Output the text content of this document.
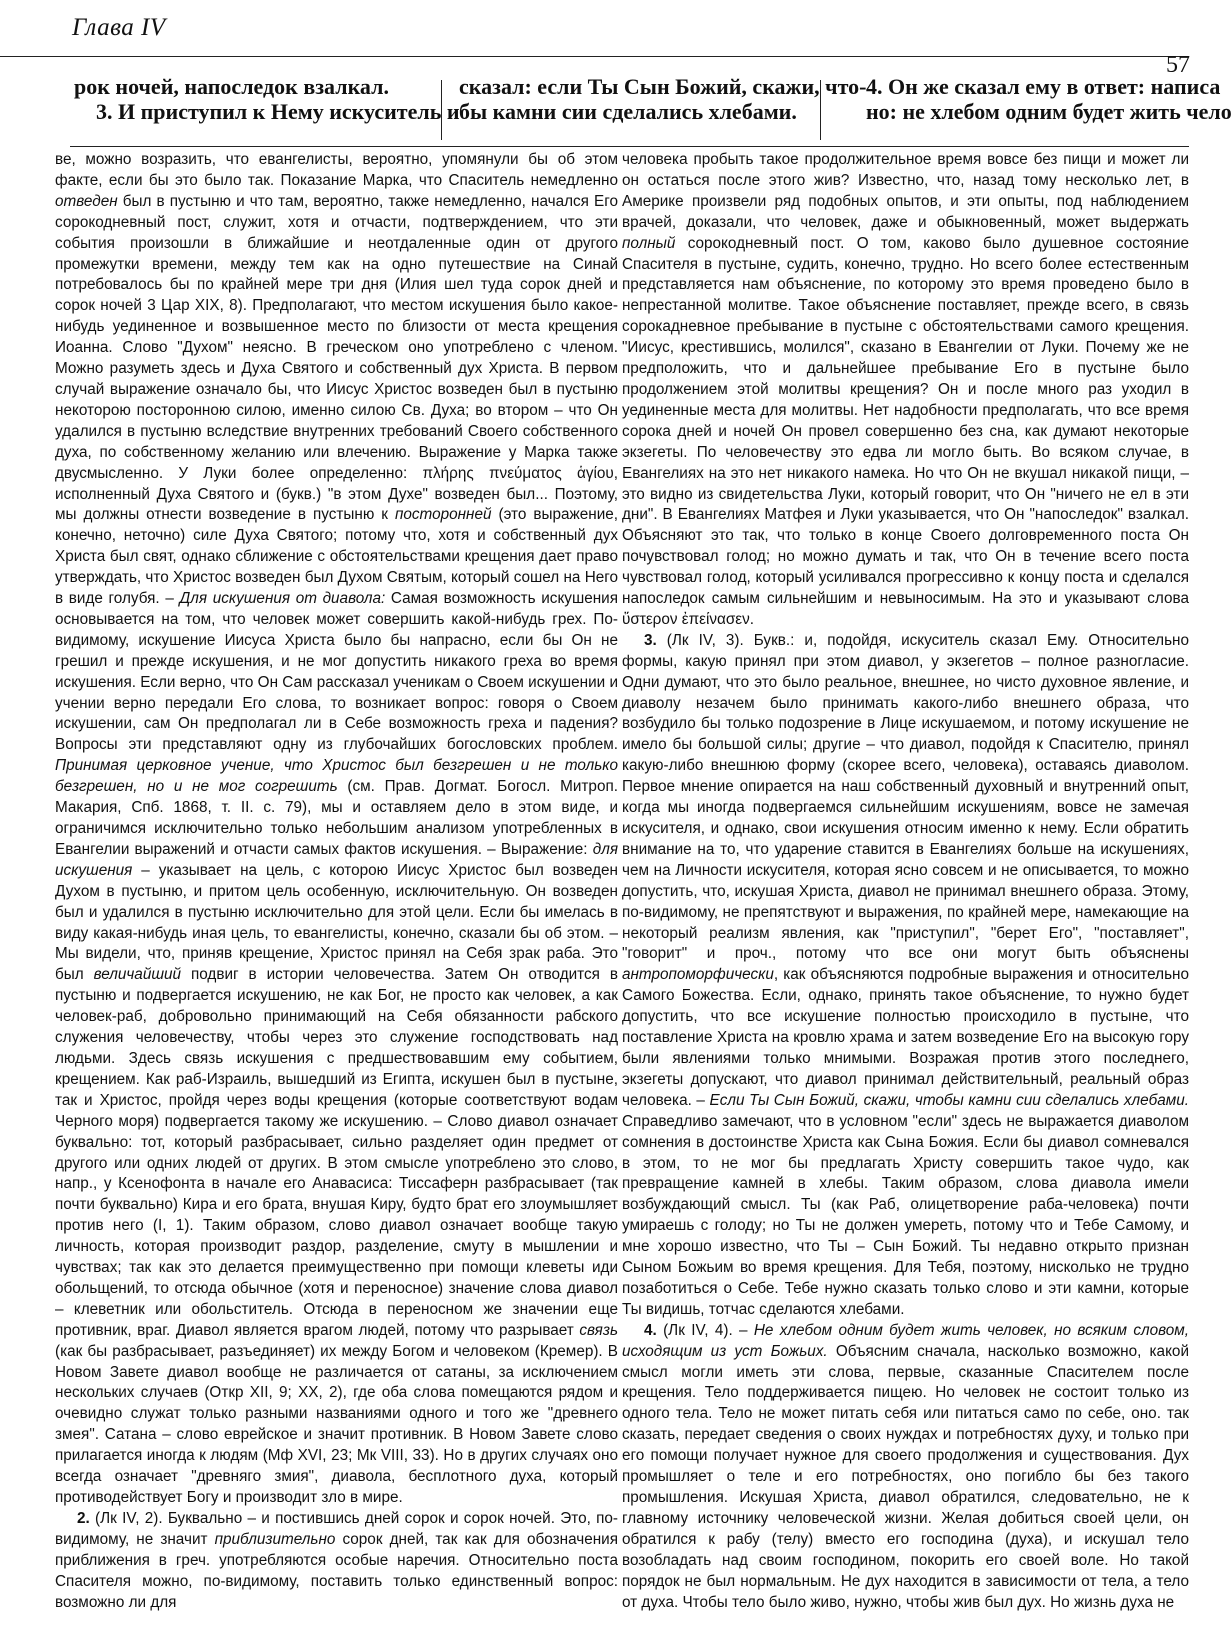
Глава IV
57

рок ночей, напоследок взалкал.

3. И приступил к Нему искуситель и

сказал: если Ты Сын Божий, скажи, что-

бы камни сии сделались хлебами.

4. Он же сказал ему в ответ: написа

но: не хлебом одним будет жить чело

ве, можно возразить, что евангелисты, вероятно, упомянули бы об этом факте, если бы это было так. Показание Марка, что Спаситель немедленно отведен был в пустыню и что там, вероятно, также немедленно, начался Его сорокодневный пост, служит, хотя и отчасти, подтверждением, что эти события произошли в ближайшие и неотдаленные один от другого промежутки времени, между тем как на одно путешествие на Синай потребовалось бы по крайней мере три дня (Илия шел туда сорок дней и сорок ночей 3 Цар XIX, 8). Предполагают, что местом искушения было какое-нибудь уединенное и возвышенное место по близости от места крещения Иоанна. Слово "Духом" неясно. В греческом оно употреблено с членом. Можно разуметь здесь и Духа Святого и собственный дух Христа. В первом случай выражение означало бы, что Иисус Христос возведен был в пустыню некоторою посторонною силою, именно силою Св. Духа; во втором – что Он удалился в пустыню вследствие внутренних требований Своего собственного духа, по собственному желанию или влечению. Выражение у Марка также двусмысленно. У Луки более определенно: πλήρης πνεύματος ἁγίου, исполненный Духа Святого и (букв.) "в этом Духе" возведен был... Поэтому, мы должны отнести возведение в пустыню к посторонней (это выражение, конечно, неточно) силе Духа Святого; потому что, хотя и собственный дух Христа был свят, однако сближение с обстоятельствами крещения дает право утверждать, что Христос возведен был Духом Святым, который сошел на Него в виде голубя. – Для искушения от диавола: Самая возможность искушения основывается на том, что человек может совершить какой-нибудь грех. По-видимому, искушение Иисуса Христа было бы напрасно, если бы Он не грешил и прежде искушения, и не мог допустить никакого греха во время искушения. Если верно, что Он Сам рассказал ученикам о Своем искушении и учении верно передали Его слова, то возникает вопрос: говоря о Своем искушении, сам Он предполагал ли в Себе возможность греха и падения? Вопросы эти представляют одну из глубочайших богословских проблем. Принимая церковное учение, что Христос был безгрешен и не только безгрешен, но и не мог согрешить (см. Прав. Догмат. Богосл. Митроп. Макария, Спб. 1868, т. II. с. 79), мы и оставляем дело в этом виде, и ограничимся исключительно только небольшим анализом употребленных в Евангелии выражений и отчасти самых фактов искушения. – Выражение: для искушения – указывает на цель, с которою Иисус Христос был возведен Духом в пустыню, и притом цель особенную, исключительную. Он возведен был и удалился в пустыню исключительно для этой цели. Если бы имелась в виду какая-нибудь иная цель, то евангелисты, конечно, сказали бы об этом. – Мы видели, что, приняв крещение, Христос принял на Себя зрак раба. Это был величайший подвиг в истории человечества. Затем Он отводится в пустыню и подвергается искушению, не как Бог, не просто как человек, а как человек-раб, добровольно принимающий на Себя обязанности рабского служения человечеству, чтобы через это служение господствовать над людьми. Здесь связь искушения с предшествовавшим ему событием, крещением. Как раб-Израиль, вышедший из Египта, искушен был в пустыне, так и Христос, пройдя через воды крещения (которые соответствуют водам Черного моря) подвергается такому же искушению. – Слово диавол означает буквально: тот, который разбрасывает, сильно разделяет один предмет от другого или одних людей от других. В этом смысле употреблено это слово, напр., у Ксенофонта в начале его Анавасиса: Тиссаферн разбрасывает (так почти буквально) Кира и его брата, внушая Киру, будто брат его злоумышляет против него (I, 1). Таким образом, слово диавол означает вообще такую личность, которая производит раздор, разделение, смуту в мышлении и чувствах; так как это делается преимущественно при помощи клеветы иди обольщений, то отсюда обычное (хотя и переносное) значение слова диавол – клеветник или обольститель. Отсюда в переносном же значении еще противник, враг. Диавол является врагом людей, потому что разрывает связь (как бы разбрасывает, разъединяет) их между Богом и человеком (Кремер). В Новом Завете диавол вообще не различается от сатаны, за исключением нескольких случаев (Откр XII, 9; XX, 2), где оба слова помещаются рядом и очевидно служат только разными названиями одного и того же "древнего змея". Сатана – слово еврейское и значит противник. В Новом Завете слово прилагается иногда к людям (Мф XVI, 23; Мк VIII, 33). Но в других случаях оно всегда означает "древняго змия", диавола, бесплотного духа, который противодействует Богу и производит зло в мире.

2. (Лк IV, 2). Буквально – и постившись дней сорок и сорок ночей. Это, по-видимому, не значит приблизительно сорок дней, так как для обозначения приближения в греч. употребляются особые наречия. Относительно поста Спасителя можно, по-видимому, поставить только единственный вопрос: возможно ли для

человека пробыть такое продолжительное время вовсе без пищи и может ли он остаться после этого жив? Известно, что, назад тому несколько лет, в Америке произвели ряд подобных опытов, и эти опыты, под наблюдением врачей, доказали, что человек, даже и обыкновенный, может выдержать полный сорокодневный пост. О том, каково было душевное состояние Спасителя в пустыне, судить, конечно, трудно. Но всего более естественным представляется нам объяснение, по которому это время проведено было в непрестанной молитве. Такое объяснение поставляет, прежде всего, в связь сорокадневное пребывание в пустыне с обстоятельствами самого крещения. "Иисус, крестившись, молился", сказано в Евангелии от Луки. Почему же не предположить, что и дальнейшее пребывание Его в пустыне было продолжением этой молитвы крещения? Он и после много раз уходил в уединенные места для молитвы. Нет надобности предполагать, что все время сорока дней и ночей Он провел совершенно без сна, как думают некоторые экзегеты. По человечеству это едва ли могло быть. Во всяком случае, в Евангелиях на это нет никакого намека. Но что Он не вкушал никакой пищи, – это видно из свидетельства Луки, который говорит, что Он "ничего не ел в эти дни". В Евангелиях Матфея и Луки указывается, что Он "напоследок" взалкал. Объясняют это так, что только в конце Своего долговременного поста Он почувствовал голод; но можно думать и так, что Он в течение всего поста чувствовал голод, который усиливался прогрессивно к концу поста и сделался напоследок самым сильнейшим и невыносимым. На это и указывают слова ὕστερον ἐπείνασεν.

3. (Лк IV, 3). Букв.: и, подойдя, искуситель сказал Ему. Относительно формы, какую принял при этом диавол, у экзегетов – полное разногласие. Одни думают, что это было реальное, внешнее, но чисто духовное явление, и диаволу незачем было принимать какого-либо внешнего образа, что возбудило бы только подозрение в Лице искушаемом, и потому искушение не имело бы большой силы; другие – что диавол, подойдя к Спасителю, принял какую-либо внешнюю форму (скорее всего, человека), оставаясь диаволом. Первое мнение опирается на наш собственный духовный и внутренний опыт, когда мы иногда подвергаемся сильнейшим искушениям, вовсе не замечая искусителя, и однако, свои искушения относим именно к нему. Если обратить внимание на то, что ударение ставится в Евангелиях больше на искушениях, чем на Личности искусителя, которая ясно совсем и не описывается, то можно допустить, что, искушая Христа, диавол не принимал внешнего образа. Этому, по-видимому, не препятствуют и выражения, по крайней мере, намекающие на некоторый реализм явления, как "приступил", "берет Его", "поставляет", "говорит" и проч., потому что все они могут быть объяснены антропоморфически, как объясняются подробные выражения и относительно Самого Божества. Если, однако, принять такое объяснение, то нужно будет допустить, что все искушение полностью происходило в пустыне, что поставление Христа на кровлю храма и затем возведение Его на высокую гору были явлениями только мнимыми. Возражая против этого последнего, экзегеты допускают, что диавол принимал действительный, реальный образ человека. – Если Ты Сын Божий, скажи, чтобы камни сии сделались хлебами. Справедливо замечают, что в условном "если" здесь не выражается диаволом сомнения в достоинстве Христа как Сына Божия. Если бы диавол сомневался в этом, то не мог бы предлагать Христу совершить такое чудо, как превращение камней в хлебы. Таким образом, слова диавола имели возбуждающий смысл. Ты (как Раб, олицетворение раба-человека) почти умираешь с голоду; но Ты не должен умереть, потому что и Тебе Самому, и мне хорошо известно, что Ты – Сын Божий. Ты недавно открыто признан Сыном Божьим во время крещения. Для Тебя, поэтому, нисколько не трудно позаботиться о Себе. Тебе нужно сказать только слово и эти камни, которые Ты видишь, тотчас сделаются хлебами.

4. (Лк IV, 4). – Не хлебом одним будет жить человек, но всяким словом, исходящим из уст Божьих. Объясним сначала, насколько возможно, какой смысл могли иметь эти слова, первые, сказанные Спасителем после крещения. Тело поддерживается пищею. Но человек не состоит только из одного тела. Тело не может питать себя или питаться само по себе, оно. так сказать, передает сведения о своих нуждах и потребностях духу, и только при его помощи получает нужное для своего продолжения и существования. Дух промышляет о теле и его потребностях, оно погибло бы без такого промышления. Искушая Христа, диавол обратился, следовательно, не к главному источнику человеческой жизни. Желая добиться своей цели, он обратился к рабу (телу) вместо его господина (духа), и искушал тело возобладать над своим господином, покорить его своей воле. Но такой порядок не был нормальным. Не дух находится в зависимости от тела, а тело от духа. Чтобы тело было живо, нужно, чтобы жив был дух. Но жизнь духа не
